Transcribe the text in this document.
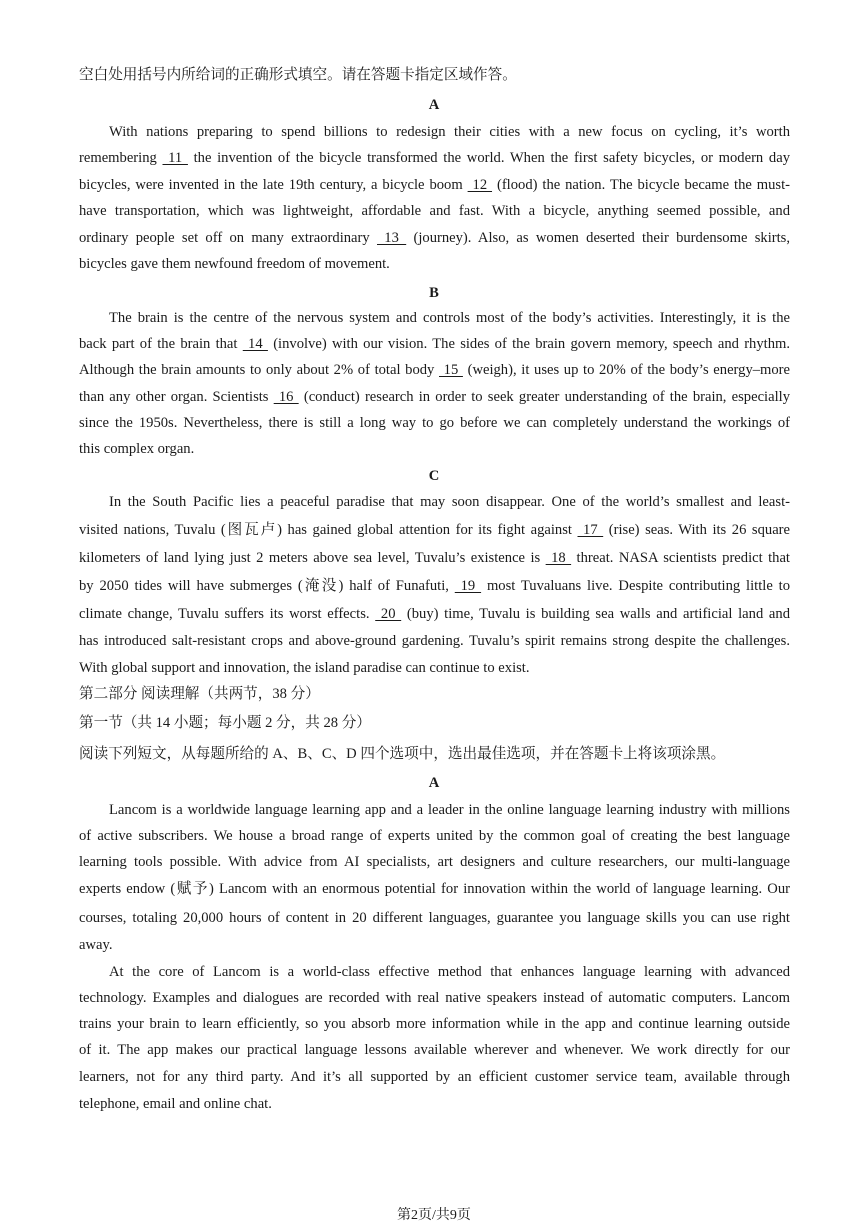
空白处用括号内所给词的正确形式填空。请在答题卡指定区域作答。
A
With nations preparing to spend billions to redesign their cities with a new focus on cycling, it’s worth
remembering  11  the invention of the bicycle transformed the world. When the first safety bicycles, or modern day
bicycles, were invented in the late 19th century, a bicycle boom  12  (flood) the nation. The bicycle became the must-
have transportation, which was lightweight, affordable and fast. With a bicycle, anything seemed possible, and
ordinary people set off on many extraordinary  13  (journey). Also, as women deserted their burdensome skirts,
bicycles gave them newfound freedom of movement.
B
The brain is the centre of the nervous system and controls most of the body’s activities. Interestingly, it is the
back part of the brain that  14  (involve) with our vision. The sides of the brain govern memory, speech and rhythm.
Although the brain amounts to only about 2% of total body  15  (weigh), it uses up to 20% of the body’s energy–more
than any other organ. Scientists  16  (conduct) research in order to seek greater understanding of the brain, especially
since the 1950s. Nevertheless, there is still a long way to go before we can completely understand the workings of
this complex organ.
C
In the South Pacific lies a peaceful paradise that may soon disappear. One of the world’s smallest and least-
visited nations, Tuvalu (图瓦卢) has gained global attention for its fight against  17  (rise) seas. With its 26 square
kilometers of land lying just 2 meters above sea level, Tuvalu’s existence is  18  threat. NASA scientists predict that
by 2050 tides will have submerges (淹没) half of Funafuti,  19  most Tuvaluans live. Despite contributing little to
climate change, Tuvalu suffers its worst effects.  20  (buy) time, Tuvalu is building sea walls and artificial land and
has introduced salt-resistant crops and above-ground gardening. Tuvalu’s spirit remains strong despite the challenges.
With global support and innovation, the island paradise can continue to exist.
第二部分 阅读理解（共两节，38 分）
第一节（共 14 小题；每小题 2 分，共 28 分）
阅读下列短文，从每题所给的 A、B、C、D 四个选项中，选出最佳选项，并在答题卡上将该项涂黑。
A
Lancom is a worldwide language learning app and a leader in the online language learning industry with millions
of active subscribers. We house a broad range of experts united by the common goal of creating the best language
learning tools possible. With advice from AI specialists, art designers and culture researchers, our multi-language
experts endow (赋予) Lancom with an enormous potential for innovation within the world of language learning. Our
courses, totaling 20,000 hours of content in 20 different languages, guarantee you language skills you can use right
away.
At the core of Lancom is a world-class effective method that enhances language learning with advanced
technology. Examples and dialogues are recorded with real native speakers instead of automatic computers. Lancom
trains your brain to learn efficiently, so you absorb more information while in the app and continue learning outside
of it. The app makes our practical language lessons available wherever and whenever. We work directly for our
learners, not for any third party. And it’s all supported by an efficient customer service team, available through
telephone, email and online chat.
第2页/共9页
